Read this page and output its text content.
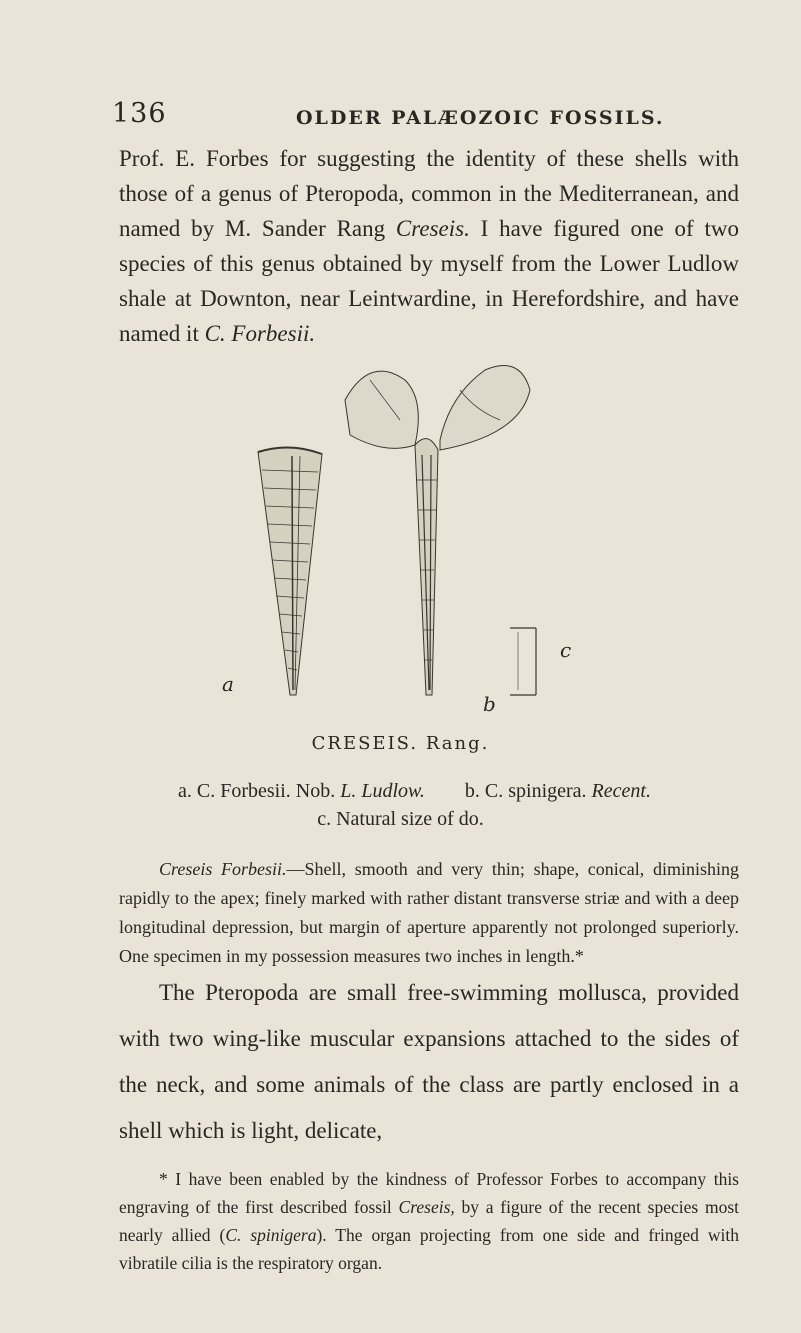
136	OLDER PALÆOZOIC FOSSILS.

Prof. E. Forbes for suggesting the identity of these shells with those of a genus of Pteropoda, common in the Mediterranean, and named by M. Sander Rang Creseis. I have figured one of two species of this genus obtained by myself from the Lower Ludlow shale at Downton, near Leintwardine, in Herefordshire, and have named it C. Forbesii.

a
b
c
CRESEIS. Rang.
a. C. Forbesii. Nob. L. Ludlow. b. C. spinigera. Recent.
c. Natural size of do.

Creseis Forbesii.—Shell, smooth and very thin; shape, conical, diminishing rapidly to the apex; finely marked with rather distant transverse striæ and with a deep longitudinal depression, but margin of aperture apparently not prolonged superiorly. One specimen in my possession measures two inches in length.*

The Pteropoda are small free-swimming mollusca, provided with two wing-like muscular expansions attached to the sides of the neck, and some animals of the class are partly enclosed in a shell which is light, delicate,

* I have been enabled by the kindness of Professor Forbes to accompany this engraving of the first described fossil Creseis, by a figure of the recent species most nearly allied (C. spinigera). The organ projecting from one side and fringed with vibratile cilia is the respiratory organ.
